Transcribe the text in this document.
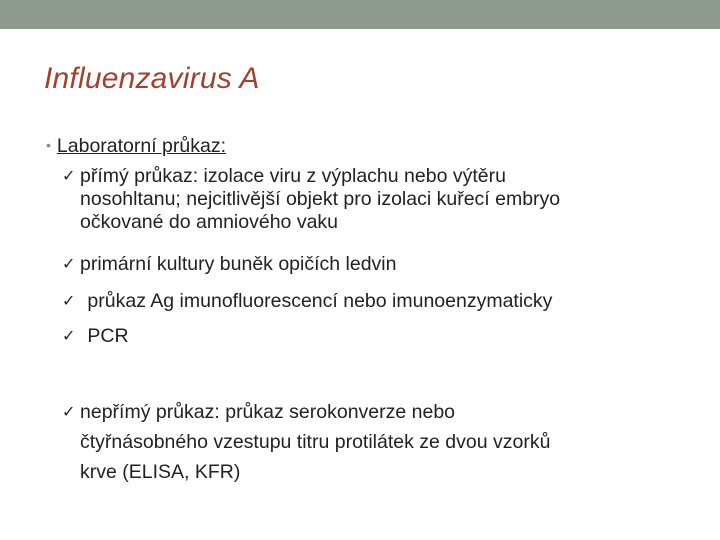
Influenzavirus A
• Laboratorní průkaz:
✓ přímý průkaz: izolace viru z výplachu nebo výtěru
nosohltanu; nejcitlivější objekt pro izolaci kuřecí embryo
očkované do amniového vaku
✓ primární kultury buněk opičích ledvin
✓ průkaz Ag imunofluorescencí nebo imunoenzymaticky
✓ PCR
✓ nepřímý průkaz: průkaz serokonverze nebo
čtyřnásobného vzestupu titru protilátek ze dvou vzorků
krve (ELISA, KFR)
